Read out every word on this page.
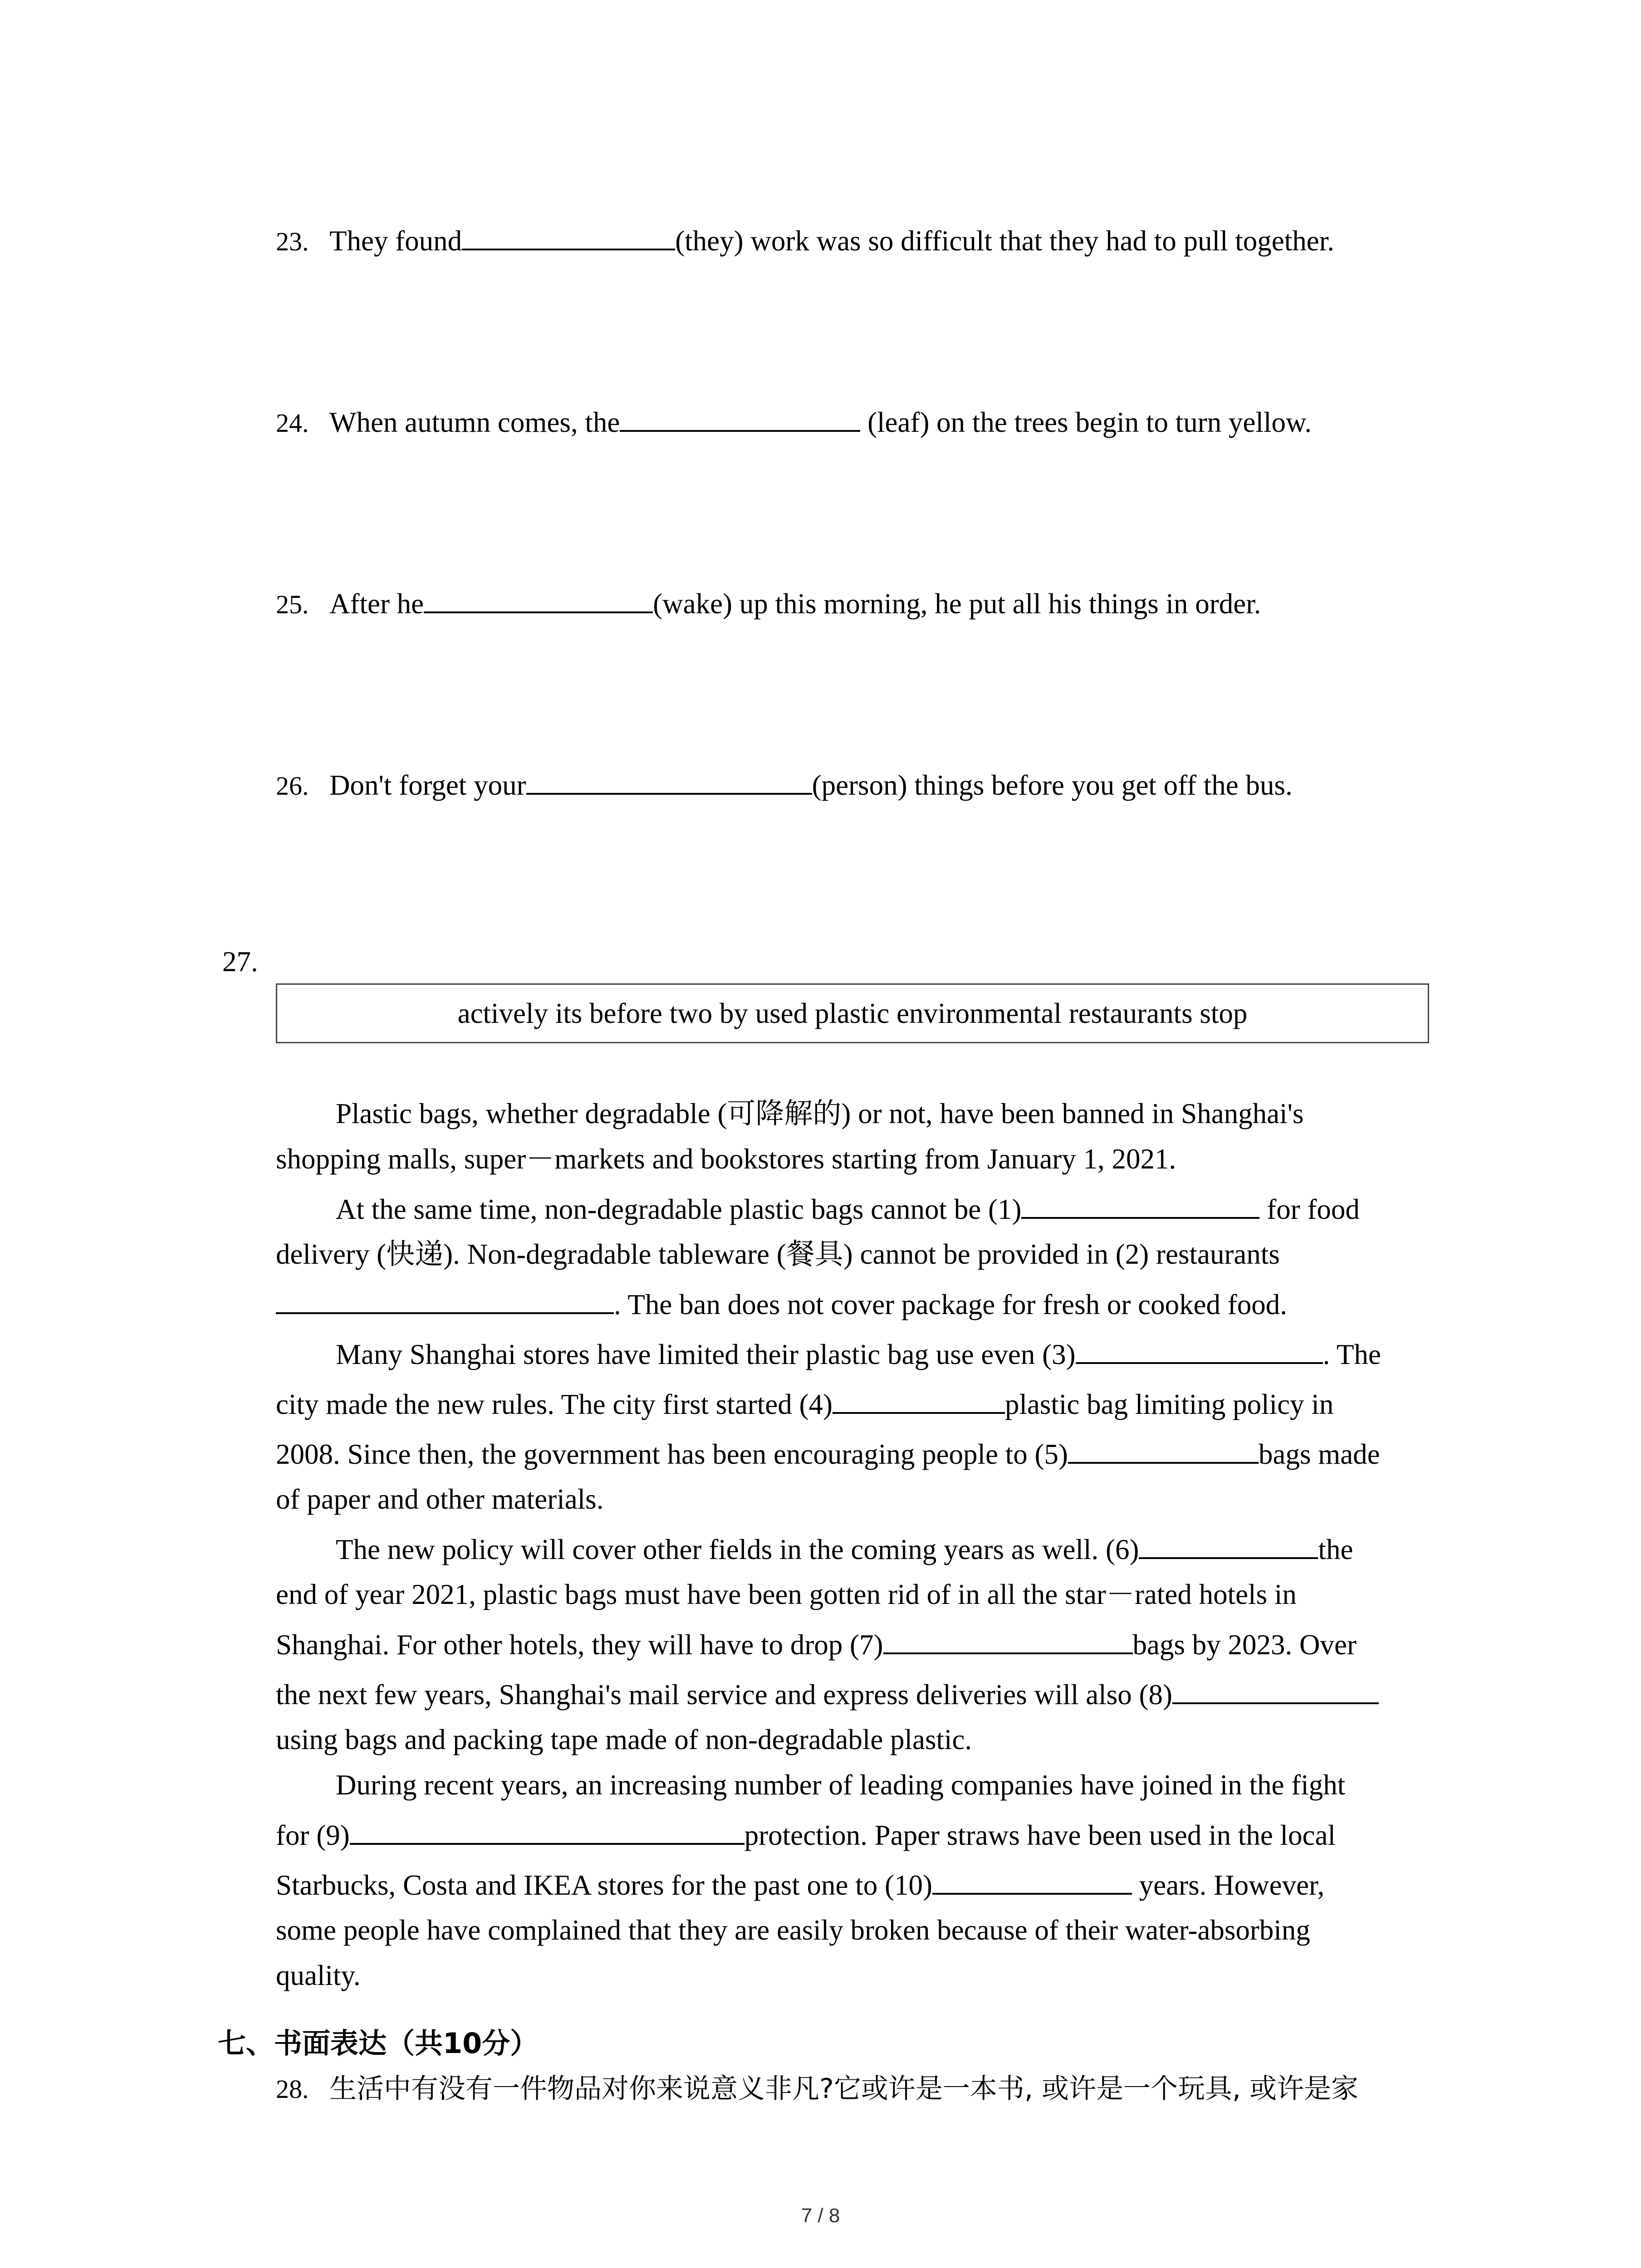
23. They found	(they) work was so difficult that they had to pull together.
24. When autumn comes, the	(leaf) on the trees begin to turn yellow.
25. After he	(wake) up this morning, he put all his things in order.
26. Don't forget your	(person) things before you get off the bus.
27.
actively its before two by used plastic environmental restaurants stop
Plastic bags, whether degradable (可降解的) or not, have been banned in Shanghai's
shopping malls, super－markets and bookstores starting from January 1, 2021.
At the same time, non-degradable plastic bags cannot be (1)	for food
delivery (快递). Non-degradable tableware (餐具) cannot be provided in (2) restaurants
. The ban does not cover package for fresh or cooked food.
Many Shanghai stores have limited their plastic bag use even (3)	. The
city made the new rules. The city first started (4)	plastic bag limiting policy in
2008. Since then, the government has been encouraging people to (5)	bags made
of paper and other materials.
The new policy will cover other fields in the coming years as well. (6)	the
end of year 2021, plastic bags must have been gotten rid of in all the star－rated hotels in
Shanghai. For other hotels, they will have to drop (7)	bags by 2023. Over
the next few years, Shanghai's mail service and express deliveries will also (8)
using bags and packing tape made of non-degradable plastic.
During recent years, an increasing number of leading companies have joined in the fight
for (9)	protection. Paper straws have been used in the local
Starbucks, Costa and IKEA stores for the past one to (10)	years. However,
some people have complained that they are easily broken because of their water-absorbing
quality.
七、书面表达（共10分）
28. 生活中有没有一件物品对你来说意义非凡?它或许是一本书, 或许是一个玩具, 或许是家
7 / 8
